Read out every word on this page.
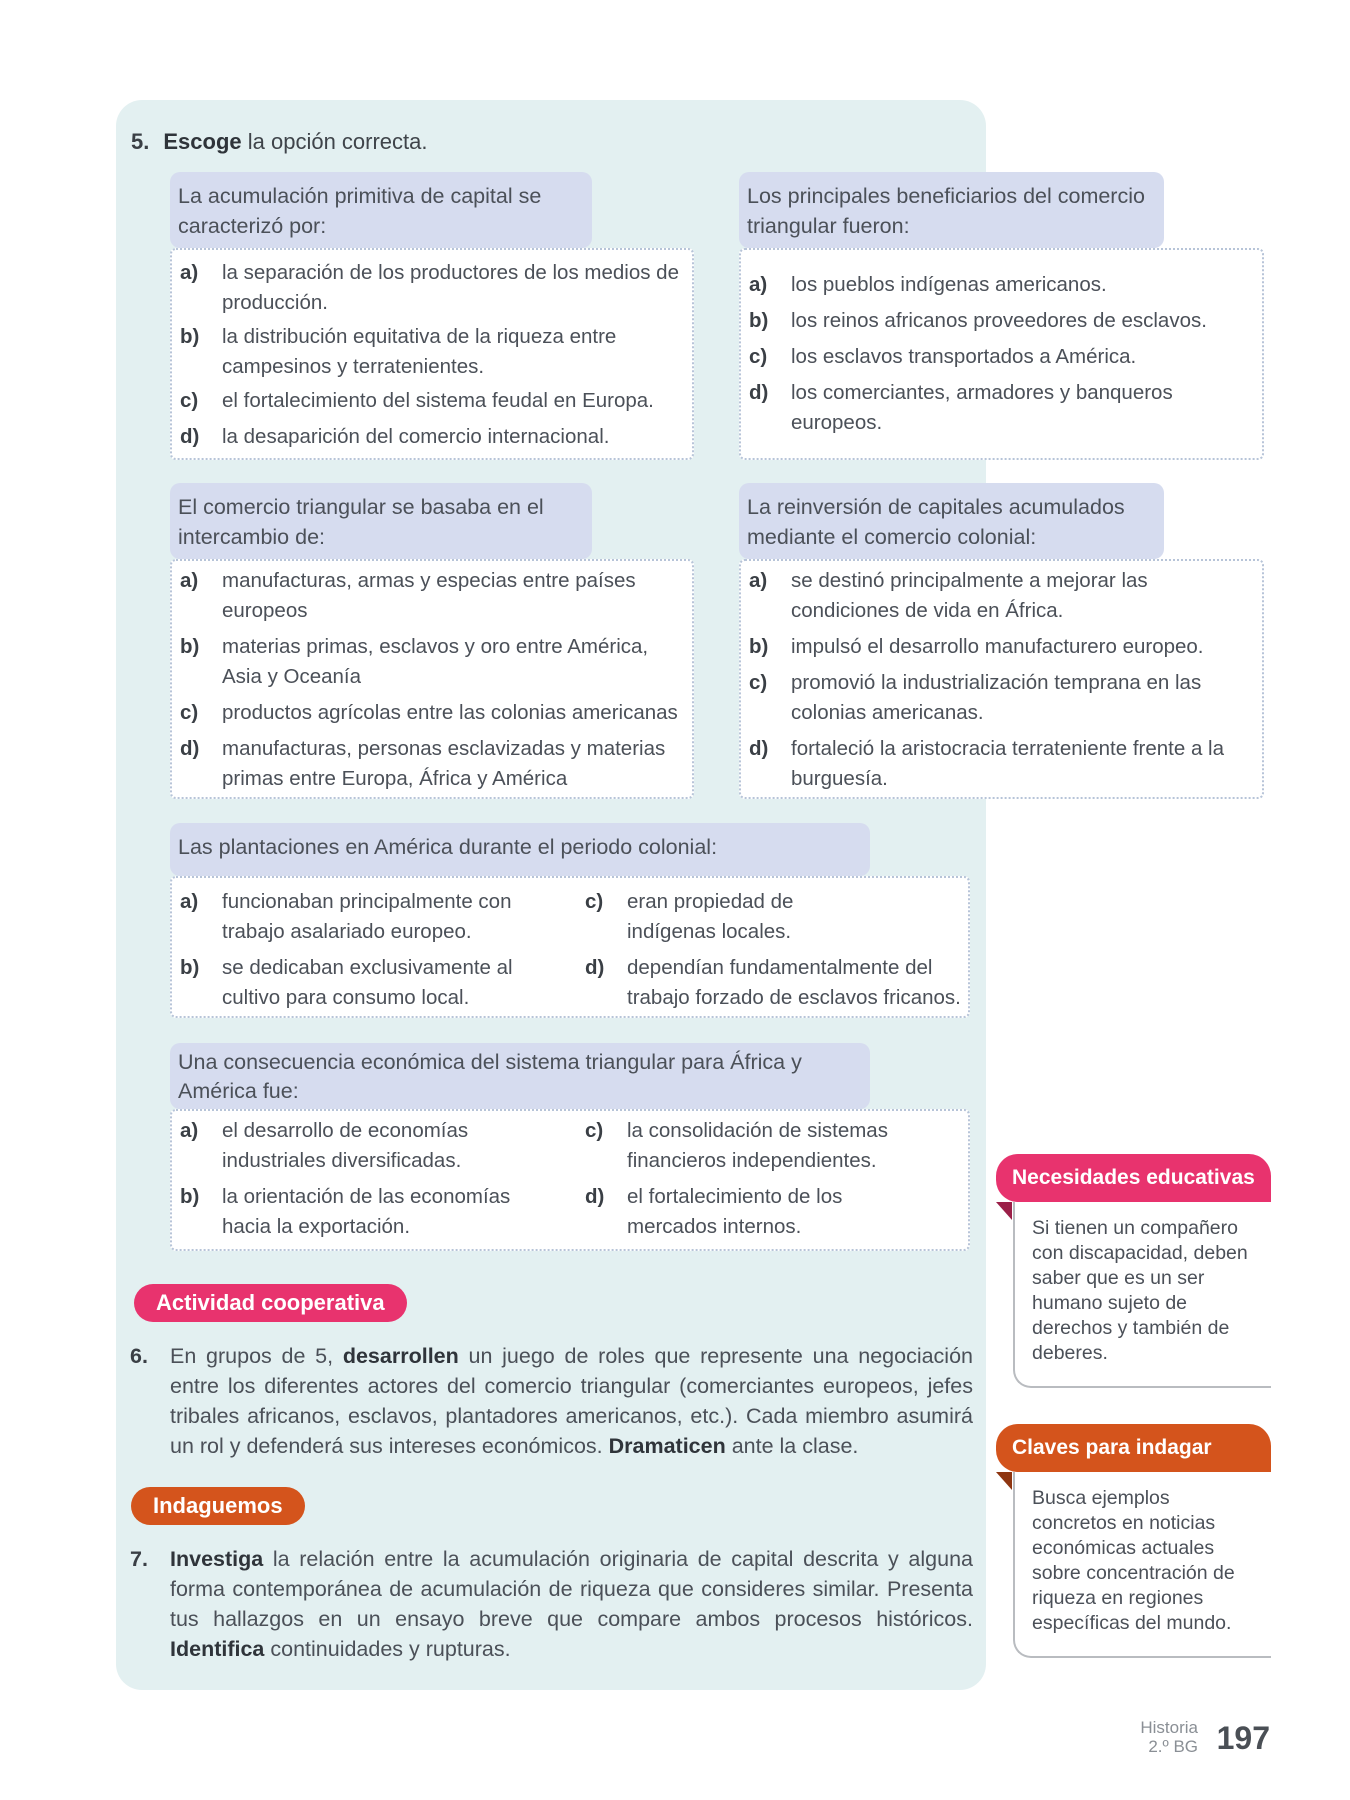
5. Escoge la opción correcta.
La acumulación primitiva de capital se caracterizó por:
a)	la separación de los productores de los medios de producción.
b)	la distribución equitativa de la riqueza entre campesinos y terratenientes.
c)	el fortalecimiento del sistema feudal en Europa.
d)	la desaparición del comercio internacional.
Los principales beneficiarios del comercio triangular fueron:
a)	los pueblos indígenas americanos.
b)	los reinos africanos proveedores de esclavos.
c)	los esclavos transportados a América.
d)	los comerciantes, armadores y banqueros europeos.
El comercio triangular se basaba en el intercambio de:
a)	manufacturas, armas y especias entre países europeos
b)	materias primas, esclavos y oro entre América, Asia y Oceanía
c)	productos agrícolas entre las colonias americanas
d)	manufacturas, personas esclavizadas y materias primas entre Europa, África y América
La reinversión de capitales acumulados mediante el comercio colonial:
a)	se destinó principalmente a mejorar las condiciones de vida en África.
b)	impulsó el desarrollo manufacturero europeo.
c)	promovió la industrialización temprana en las colonias americanas.
d)	fortaleció la aristocracia terrateniente frente a la burguesía.
Las plantaciones en América durante el periodo colonial:
a)	funcionaban principalmente con trabajo asalariado europeo.
b)	se dedicaban exclusivamente al cultivo para consumo local.
c)	eran propiedad de indígenas locales.
d)	dependían fundamentalmente del trabajo forzado de esclavos fricanos.
Una consecuencia económica del sistema triangular para África y América fue:
a)	el desarrollo de economías industriales diversificadas.
b)	la orientación de las economías hacia la exportación.
c)	la consolidación de sistemas financieros independientes.
d)	el fortalecimiento de los mercados internos.
Actividad cooperativa
6. En grupos de 5, desarrollen un juego de roles que represente una negociación entre los diferentes actores del comercio triangular (comerciantes europeos, jefes tribales africanos, esclavos, plantadores americanos, etc.). Cada miembro asumirá un rol y defenderá sus intereses económicos. Dramaticen ante la clase.
Indaguemos
7. Investiga la relación entre la acumulación originaria de capital descrita y alguna forma contemporánea de acumulación de riqueza que consideres similar. Presenta tus hallazgos en un ensayo breve que compare ambos procesos históricos. Identifica continuidades y rupturas.
Necesidades educativas
Si tienen un compañero con discapacidad, deben saber que es un ser humano sujeto de derechos y también de deberes.
Claves para indagar
Busca ejemplos concretos en noticias económicas actuales sobre concentración de riqueza en regiones específicas del mundo.
Historia
2.º BG 197
